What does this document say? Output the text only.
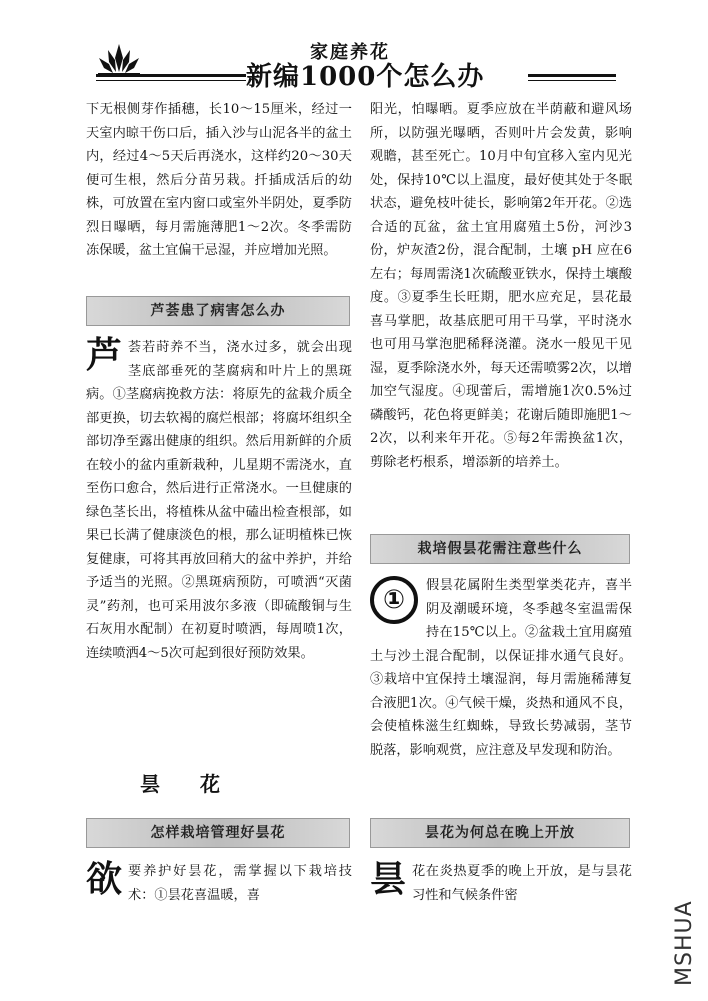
家庭养花
新编1000个怎么办

下无根侧芽作插穗，长10～15厘米，经过一天室内晾干伤口后，插入沙与山泥各半的盆土内，经过4～5天后再浇水，这样约20～30天便可生根，然后分苗另栽。扦插成活后的幼株，可放置在室内窗口或室外半阴处，夏季防烈日曝晒，每月需施薄肥1～2次。冬季需防冻保暖，盆土宜偏干忌湿，并应增加光照。

芦荟患了病害怎么办
芦 荟若莳养不当，浇水过多，就会出现茎底部垂死的茎腐病和叶片上的黑斑病。①茎腐病挽救方法：将原先的盆栽介质全部更换，切去软褐的腐烂根部；将腐坏组织全部切净至露出健康的组织。然后用新鲜的介质在较小的盆内重新栽种，儿星期不需浇水，直至伤口愈合，然后进行正常浇水。一旦健康的绿色茎长出，将植株从盆中磕出检查根部，如果已长满了健康淡色的根，那么证明植株已恢复健康，可将其再放回稍大的盆中养护，并给予适当的光照。②黑斑病预防，可喷洒“灭菌灵”药剂，也可采用波尔多液（即硫酸铜与生石灰用水配制）在初夏时喷洒，每周喷1次，连续喷洒4～5次可起到很好预防效果。

昙花
怎样栽培管理好昙花
欲 要养护好昙花，需掌握以下栽培技术：①昙花喜温暖，喜

阳光，怕曝晒。夏季应放在半荫蔽和避风场所，以防强光曝晒，否则叶片会发黄，影响观瞻，甚至死亡。10月中旬宜移入室内见光处，保持10℃以上温度，最好使其处于冬眠状态，避免枝叶徒长，影响第2年开花。②选合适的瓦盆，盆土宜用腐殖土5份，河沙3份，炉灰渣2份，混合配制，土壤 pH 应在6左右；每周需浇1次硫酸亚铁水，保持土壤酸度。③夏季生长旺期，肥水应充足，昙花最喜马掌肥，故基底肥可用干马掌，平时浇水也可用马掌泡肥稀释浇灌。浇水一般见干见湿，夏季除浇水外，每天还需喷雾2次，以增加空气湿度。④现蕾后，需增施1次0.5%过磷酸钙，花色将更鲜美；花谢后随即施肥1～2次，以利来年开花。⑤每2年需换盆1次，剪除老朽根系，增添新的培养土。

栽培假昙花需注意些什么
①	假昙花属附生类型掌类花卉，喜半阴及潮暖环境，冬季越冬室温需保持在15℃以上。②盆栽土宜用腐殖土与沙土混合配制，以保证排水通气良好。③栽培中宜保持土壤湿润，每月需施稀薄复合液肥1次。④气候干燥，炎热和通风不良，会使植株滋生红蜘蛛，导致长势减弱，茎节脱落，影响观赏，应注意及早发现和防治。

昙花为何总在晚上开放
昙 花在炎热夏季的晚上开放，是与昙花习性和气候条件密

MSHUA
